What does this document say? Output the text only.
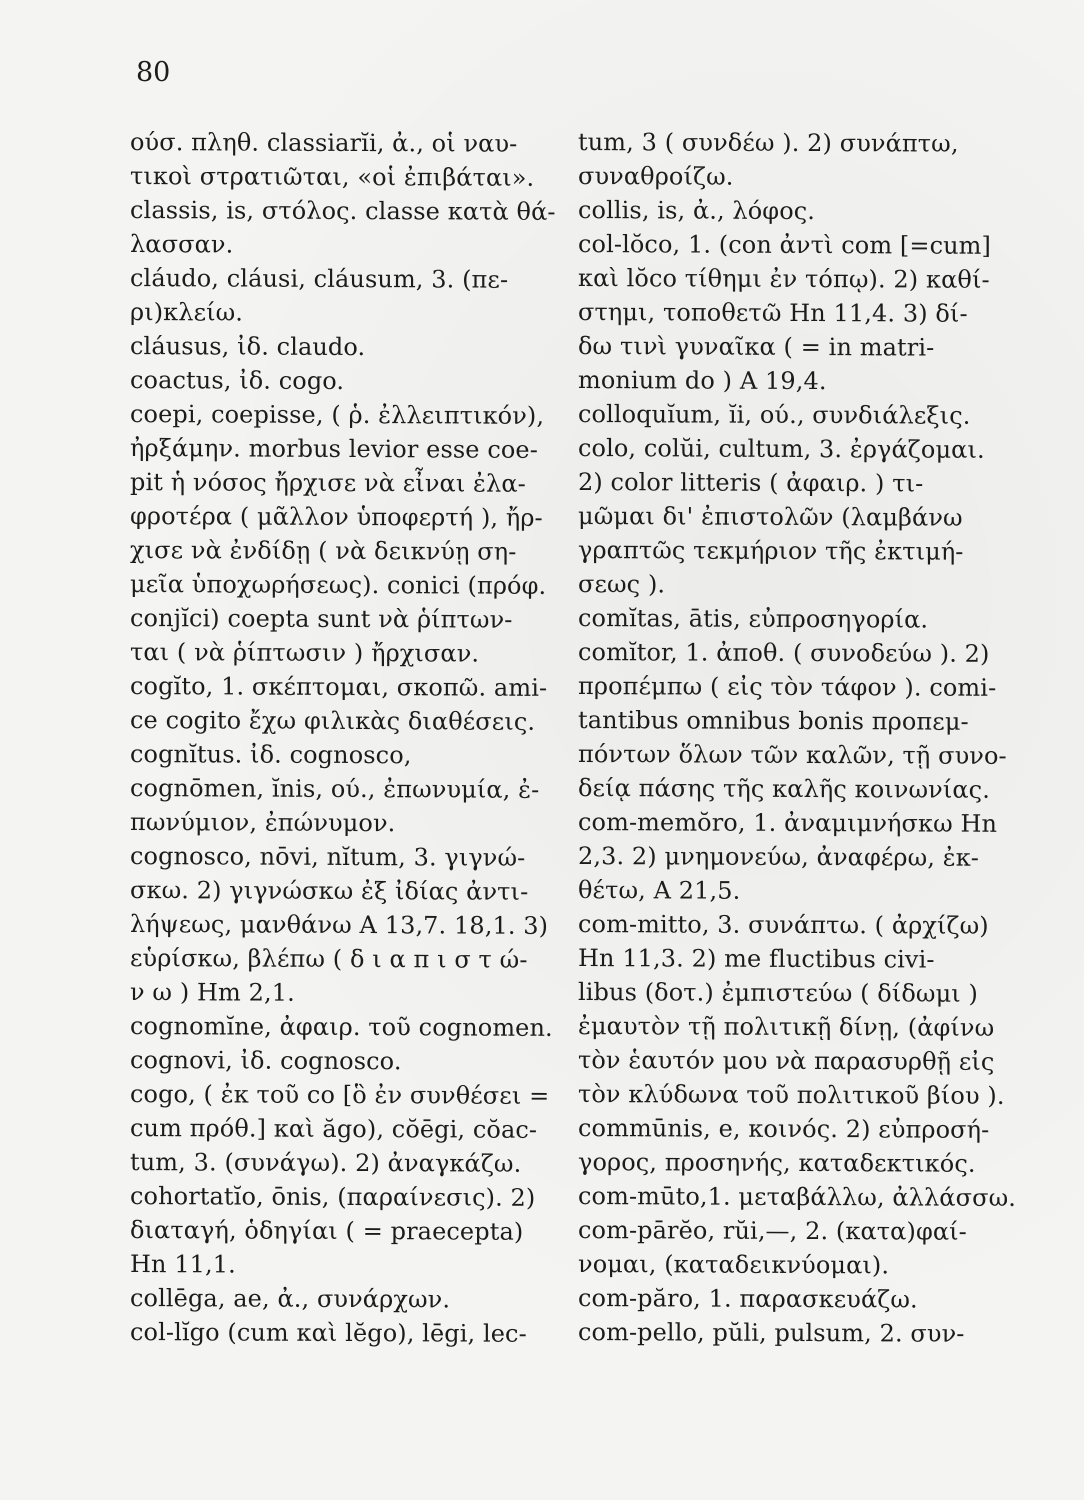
80
ούσ. πληθ. classiarĭi, ἀ., οἱ ναυ-
τικοὶ στρατιῶται, «οἱ ἐπιβάται».
classis, is, στόλος. classe κατὰ θά-
λασσαν.
cláudo, cláusi, cláusum, 3. (πε-
ρι)κλείω.
cláusus, ἰδ. claudo.
coactus, ἰδ. cogo.
coepi, coepisse, ( ῥ. ἐλλειπτικόν),
ἠρξάμην. morbus levior esse coe-
pit ἡ νόσος ἤρχισε νὰ εἶναι ἐλα-
φροτέρα ( μᾶλλον ὑποφερτή ), ἤρ-
χισε νὰ ἐνδίδῃ ( νὰ δεικνύῃ ση-
μεῖα ὑποχωρήσεως). conici (πρόφ.
conjĭci) coepta sunt νὰ ῥίπτων-
ται ( νὰ ῥίπτωσιν ) ἤρχισαν.
cogĭto, 1. σκέπτομαι, σκοπῶ. ami-
ce cogito ἔχω φιλικὰς διαθέσεις.
cognĭtus. ἰδ. cognosco,
cognōmen, ĭnis, ού., ἐπωνυμία, ἐ-
πωνύμιον, ἐπώνυμον.
cognosco, nōvi, nĭtum, 3. γιγνώ-
σκω. 2) γιγνώσκω ἐξ ἰδίας ἀντι-
λήψεως, μανθάνω Α 13,7. 18,1. 3)
εὑρίσκω, βλέπω ( δ ι α π ι σ τ ώ-
ν ω ) Hm 2,1.
cognomĭne, ἀφαιρ. τοῦ cognomen.
cognovi, ἰδ. cognosco.
cogo, ( ἐκ τοῦ co [ὃ ἐν συνθέσει =
cum πρόθ.] καὶ ăgo), cŏēgi, cŏac-
tum, 3. (συνάγω). 2) ἀναγκάζω.
cohortatĭo, ōnis, (παραίνεσις). 2)
διαταγή, ὁδηγίαι ( = praecepta)
Hn 11,1.
collēga, ae, ἀ., συνάρχων.
col-lĭgo (cum καὶ lĕgo), lēgi, lec-
tum, 3 ( συνδέω ). 2) συνάπτω,
συναθροίζω.
collis, is, ἀ., λόφος.
col-lŏco, 1. (con ἀντὶ com [=cum]
καὶ lŏco τίθημι ἐν τόπῳ). 2) καθί-
στημι, τοποθετῶ Hn 11,4. 3) δί-
δω τινὶ γυναῖκα ( = in matri-
monium do ) Α 19,4.
colloquĭum, ĭi, ού., συνδιάλεξις.
colo, colŭi, cultum, 3. ἐργάζομαι.
2) color litteris ( ἀφαιρ. ) τι-
μῶμαι δι' ἐπιστολῶν (λαμβάνω
γραπτῶς τεκμήριον τῆς ἐκτιμή-
σεως ).
comĭtas, ātis, εὐπροσηγορία.
comĭtor, 1. ἀποθ. ( συνοδεύω ). 2)
προπέμπω ( εἰς τὸν τάφον ). comi-
tantibus omnibus bonis προπεμ-
πόντων ὅλων τῶν καλῶν, τῇ συνο-
δείᾳ πάσης τῆς καλῆς κοινωνίας.
com-memŏro, 1. ἀναμιμνήσκω Hn
2,3. 2) μνημονεύω, ἀναφέρω, ἐκ-
θέτω, Α 21,5.
com-mitto, 3. συνάπτω. ( ἀρχίζω)
Hn 11,3. 2) me fluctibus civi-
libus (δοτ.) ἐμπιστεύω ( δίδωμι )
ἐμαυτὸν τῇ πολιτικῇ δίνῃ, (ἀφίνω
τὸν ἑαυτόν μου νὰ παρασυρθῇ εἰς
τὸν κλύδωνα τοῦ πολιτικοῦ βίου ).
commūnis, e, κοινός. 2) εὐπροσή-
γορος, προσηνής, καταδεκτικός.
com-mūto,1. μεταβάλλω, ἀλλάσσω.
com-pārĕo, rŭi,—, 2. (κατα)φαί-
νομαι, (καταδεικνύομαι).
com-păro, 1. παρασκευάζω.
com-pello, pŭli, pulsum, 2. συν-
